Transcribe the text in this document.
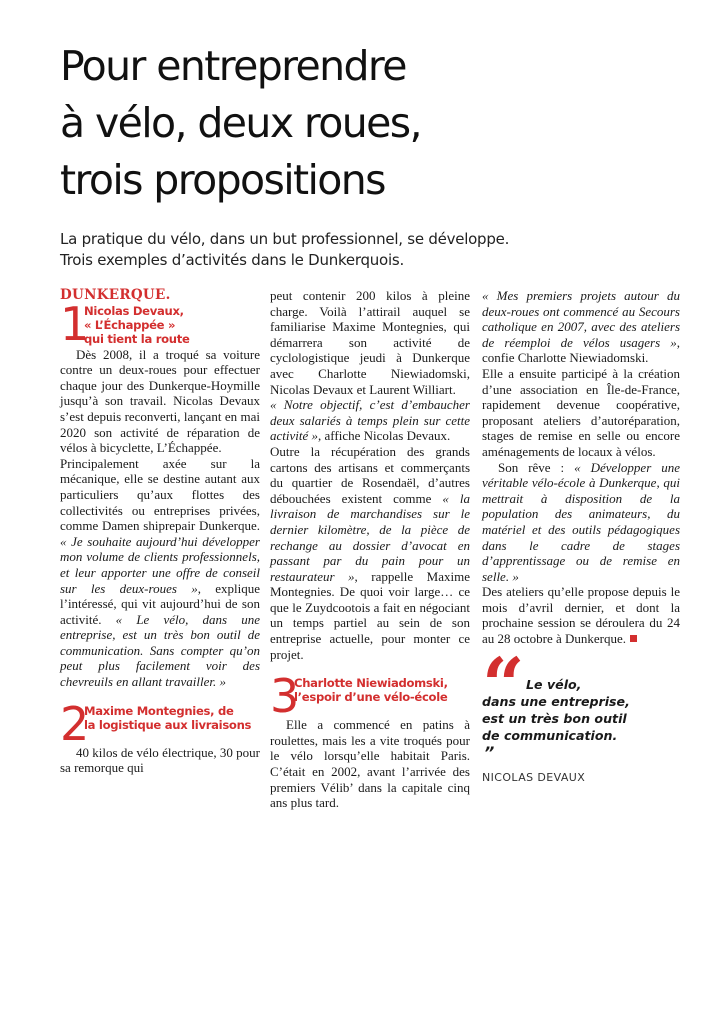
Pour entreprendre
à vélo, deux roues,
trois propositions

La pratique du vélo, dans un but professionnel, se développe.
Trois exemples d’activités dans le Dunkerquois.

DUNKERQUE.

1
Nicolas Devaux,
« L’Échappée »
qui tient la route

Dès 2008, il a troqué sa voiture contre un deux-roues pour effectuer chaque jour des Dunkerque-Hoymille jusqu’à son travail. Nicolas Devaux s’est depuis reconverti, lançant en mai 2020 son activité de réparation de vélos à bicyclette, L’Échappée.

Principalement axée sur la mécanique, elle se destine autant aux particuliers qu’aux flottes des collectivités ou entreprises privées, comme Damen shiprepair Dunkerque. « Je souhaite aujourd’hui développer mon volume de clients professionnels, et leur apporter une offre de conseil sur les deux-roues », explique l’intéressé, qui vit aujourd’hui de son activité. « Le vélo, dans une entreprise, est un très bon outil de communication. Sans compter qu’on peut plus facilement voir des chevreuils en allant travailler. »

2
Maxime Montegnies, de
la logistique aux livraisons

40 kilos de vélo électrique, 30 pour sa remorque qui

peut contenir 200 kilos à pleine charge. Voilà l’attirail auquel se familiarise Maxime Montegnies, qui démarrera son activité de cyclologistique jeudi à Dunkerque avec Charlotte Niewiadomski, Nicolas Devaux et Laurent Williart.

« Notre objectif, c’est d’embaucher deux salariés à temps plein sur cette activité », affiche Nicolas Devaux.

Outre la récupération des grands cartons des artisans et commerçants du quartier de Rosendaël, d’autres débouchées existent comme « la livraison de marchandises sur le dernier kilomètre, de la pièce de rechange au dossier d’avocat en passant par du pain pour un restaurateur », rappelle Maxime Montegnies. De quoi voir large… ce que le Zuydcootois a fait en négociant un temps partiel au sein de son entreprise actuelle, pour monter ce projet.

3
Charlotte Niewiadomski,
l’espoir d’une vélo-école

Elle a commencé en patins à roulettes, mais les a vite troqués pour le vélo lorsqu’elle habitait Paris. C’était en 2002, avant l’arrivée des premiers Vélib’ dans la capitale cinq ans plus tard.

« Mes premiers projets autour du deux-roues ont commencé au Secours catholique en 2007, avec des ateliers de réemploi de vélos usagers », confie Charlotte Niewiadomski.

Elle a ensuite participé à la création d’une association en Île-de-France, rapidement devenue coopérative, proposant ateliers d’autoréparation, stages de remise en selle ou encore aménagements de locaux à vélos.

Son rêve : « Développer une véritable vélo-école à Dunkerque, qui mettrait à disposition de la population des animateurs, du matériel et des outils pédagogiques dans le cadre de stages d’apprentissage ou de remise en selle. »

Des ateliers qu’elle propose depuis le mois d’avril dernier, et dont la prochaine session se déroulera du 24 au 28 octobre à Dunkerque.

“ Le vélo,
dans une entreprise,
est un très bon outil
de communication.
”

NICOLAS DEVAUX
